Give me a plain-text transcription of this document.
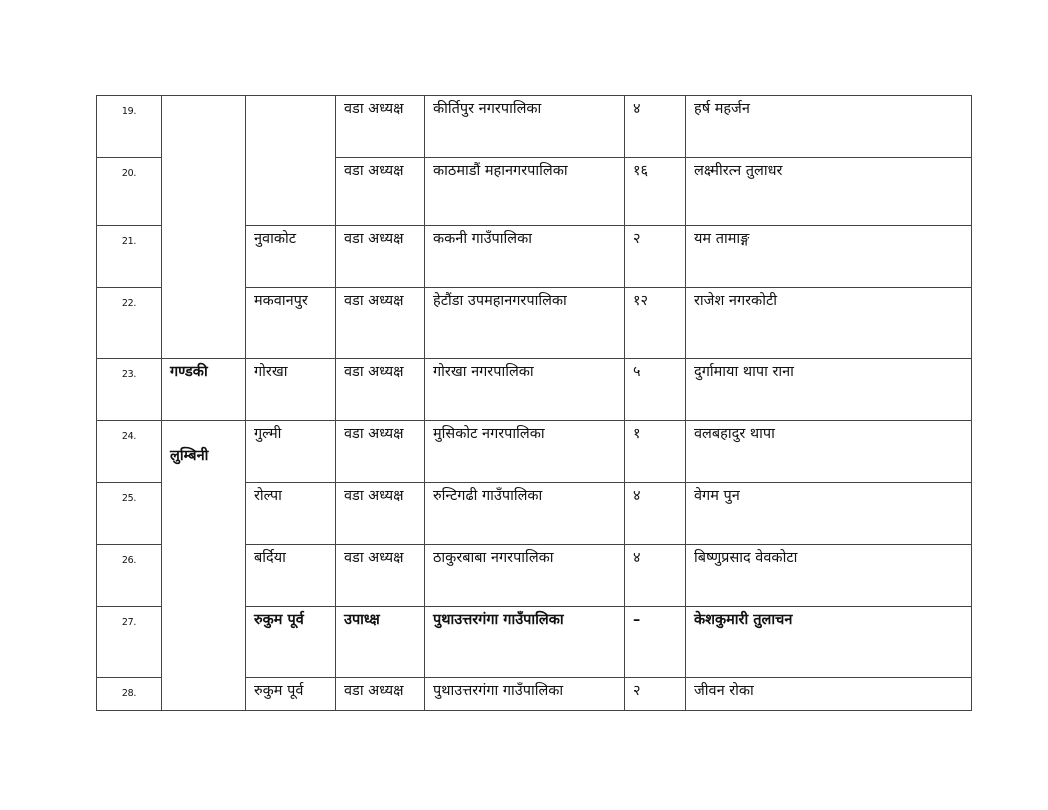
19.			वडा अध्यक्ष	कीर्तिपुर नगरपालिका	४	हर्ष महर्जन
20.			वडा अध्यक्ष	काठमाडौं महानगरपालिका	१६	लक्ष्मीरत्न तुलाधर
21.		नुवाकोट	वडा अध्यक्ष	ककनी गाउँपालिका	२	यम तामाङ्ग
22.		मकवानपुर	वडा अध्यक्ष	हेटौंडा उपमहानगरपालिका	१२	राजेश नगरकोटी
23.	गण्डकी	गोरखा	वडा अध्यक्ष	गोरखा नगरपालिका	५	दुर्गामाया थापा राना
24.	लुम्बिनी	गुल्मी	वडा अध्यक्ष	मुसिकोट नगरपालिका	१	वलबहादुर थापा
25.		रोल्पा	वडा अध्यक्ष	रुन्टिगढी गाउँपालिका	४	वेगम पुन
26.		बर्दिया	वडा अध्यक्ष	ठाकुरबाबा नगरपालिका	४	बिष्णुप्रसाद वेवकोटा
27.		रुकुम पूर्व	उपाध्क्ष	पुथाउत्तरगंगा गाउँपालिका	–	केशकुमारी तुलाचन
28.		रुकुम पूर्व	वडा अध्यक्ष	पुथाउत्तरगंगा गाउँपालिका	२	जीवन रोका
